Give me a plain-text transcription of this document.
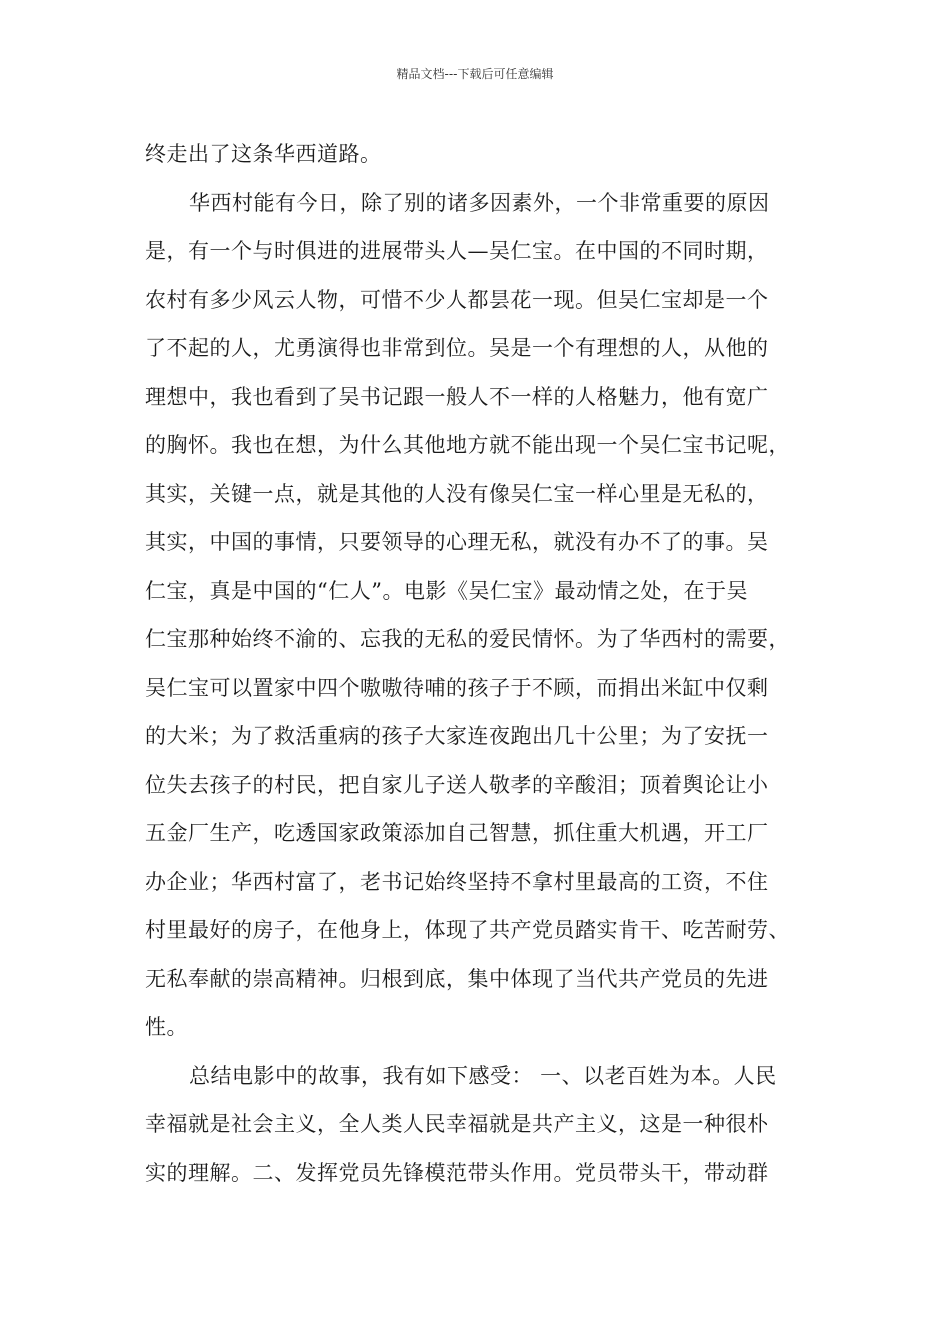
精品文档---下载后可任意编辑
终走出了这条华西道路。
华西村能有今日，除了别的诸多因素外，一个非常重要的原因
是，有一个与时俱进的进展带头人—吴仁宝。在中国的不同时期，
农村有多少风云人物，可惜不少人都昙花一现。但吴仁宝却是一个
了不起的人，尤勇演得也非常到位。吴是一个有理想的人，从他的
理想中，我也看到了吴书记跟一般人不一样的人格魅力，他有宽广
的胸怀。我也在想，为什么其他地方就不能出现一个吴仁宝书记呢，
其实，关键一点，就是其他的人没有像吴仁宝一样心里是无私的，
其实，中国的事情，只要领导的心理无私，就没有办不了的事。吴
仁宝，真是中国的“仁人”。电影《吴仁宝》最动情之处，在于吴
仁宝那种始终不渝的、忘我的无私的爱民情怀。为了华西村的需要，
吴仁宝可以置家中四个嗷嗷待哺的孩子于不顾，而捐出米缸中仅剩
的大米；为了救活重病的孩子大家连夜跑出几十公里；为了安抚一
位失去孩子的村民，把自家儿子送人敬孝的辛酸泪；顶着舆论让小
五金厂生产，吃透国家政策添加自己智慧，抓住重大机遇，开工厂
办企业；华西村富了，老书记始终坚持不拿村里最高的工资，不住
村里最好的房子，在他身上，体现了共产党员踏实肯干、吃苦耐劳、
无私奉献的崇高精神。归根到底，集中体现了当代共产党员的先进
性。
总结电影中的故事，我有如下感受： 一、以老百姓为本。人民
幸福就是社会主义，全人类人民幸福就是共产主义，这是一种很朴
实的理解。二、发挥党员先锋模范带头作用。党员带头干，带动群
